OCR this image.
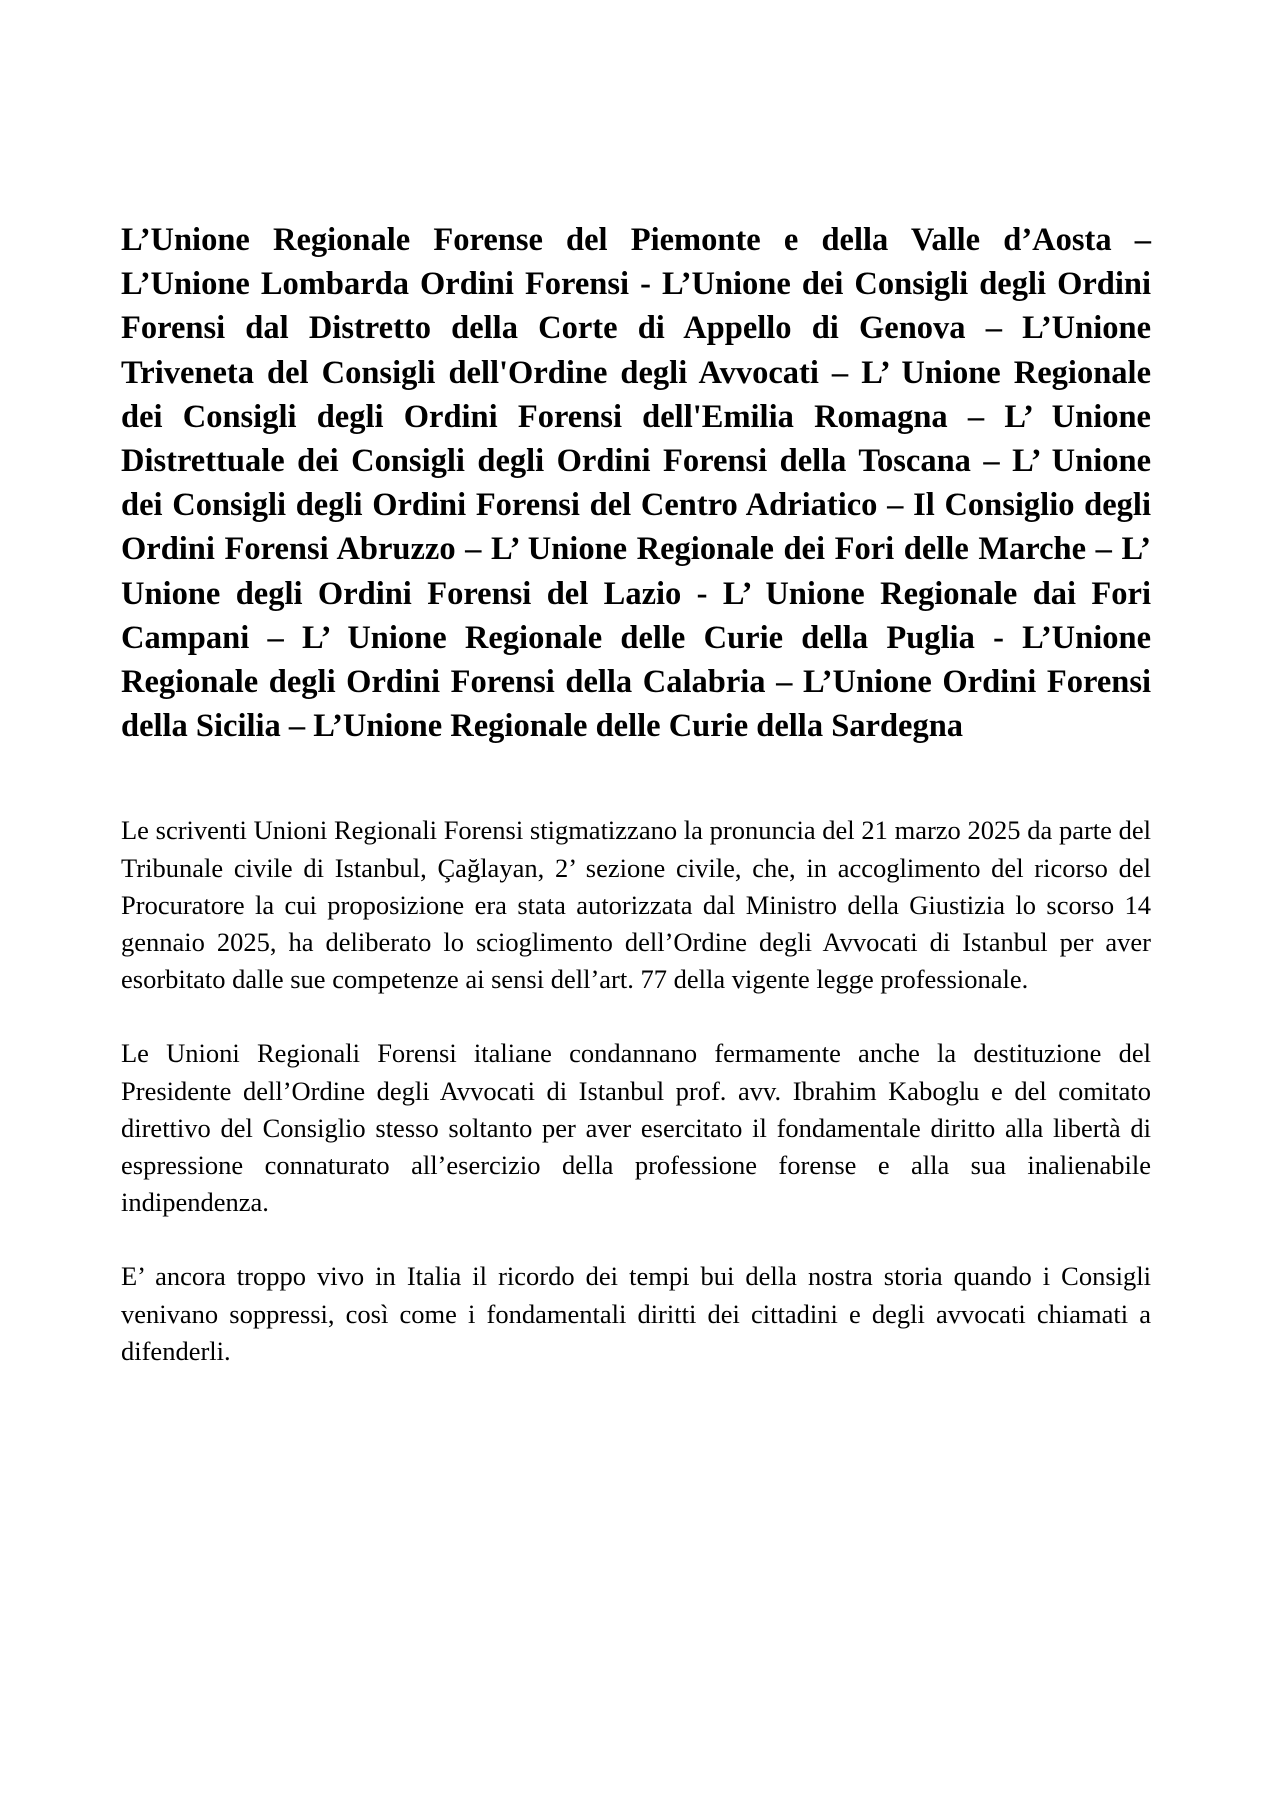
L’Unione Regionale Forense del Piemonte e della Valle d’Aosta – L’Unione Lombarda Ordini Forensi - L’Unione dei Consigli degli Ordini Forensi dal Distretto della Corte di Appello di Genova – L’Unione Triveneta del Consigli dell'Ordine degli Avvocati – L’ Unione Regionale dei Consigli degli Ordini Forensi dell'Emilia Romagna – L’ Unione Distrettuale dei Consigli degli Ordini Forensi della Toscana – L’ Unione dei Consigli degli Ordini Forensi del Centro Adriatico – Il Consiglio degli Ordini Forensi Abruzzo – L’ Unione Regionale dei Fori delle Marche – L’ Unione degli Ordini Forensi del Lazio - L’ Unione Regionale dai Fori Campani – L’ Unione Regionale delle Curie della Puglia - L’Unione Regionale degli Ordini Forensi della Calabria – L’Unione Ordini Forensi della Sicilia – L’Unione Regionale delle Curie della Sardegna

Le scriventi Unioni Regionali Forensi stigmatizzano la pronuncia del 21 marzo 2025 da parte del Tribunale civile di Istanbul, Çağlayan, 2’ sezione civile, che, in accoglimento del ricorso del Procuratore la cui proposizione era stata autorizzata dal Ministro della Giustizia lo scorso 14 gennaio 2025, ha deliberato lo scioglimento dell’Ordine degli Avvocati di Istanbul per aver esorbitato dalle sue competenze ai sensi dell’art. 77 della vigente legge professionale.

Le Unioni Regionali Forensi italiane condannano fermamente anche la destituzione del Presidente dell’Ordine degli Avvocati di Istanbul prof. avv. Ibrahim Kaboglu e del comitato direttivo del Consiglio stesso soltanto per aver esercitato il fondamentale diritto alla libertà di espressione connaturato all’esercizio della professione forense e alla sua inalienabile indipendenza.

E’ ancora troppo vivo in Italia il ricordo dei tempi bui della nostra storia quando i Consigli venivano soppressi, così come i fondamentali diritti dei cittadini e degli avvocati chiamati a difenderli.
